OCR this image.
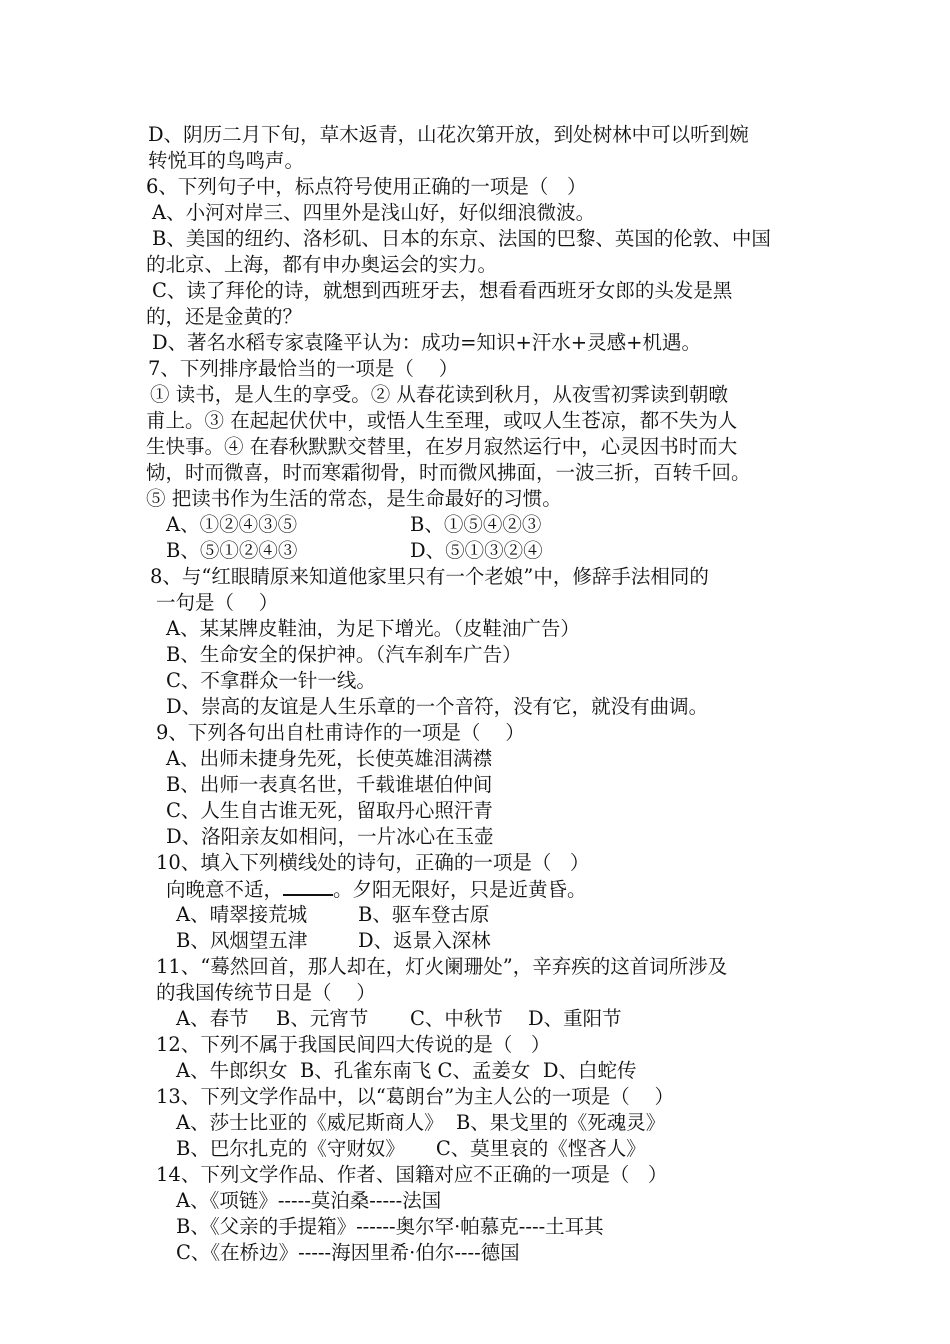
D、阴历二月下旬，草木返青，山花次第开放，到处树林中可以听到婉
转悦耳的鸟鸣声。
6、下列句子中，标点符号使用正确的一项是（   ）
A、小河对岸三、四里外是浅山好，好似细浪微波。
B、美国的纽约、洛杉矶、日本的东京、法国的巴黎、英国的伦敦、中国
的北京、上海，都有申办奥运会的实力。
C、读了拜伦的诗，就想到西班牙去，想看看西班牙女郎的头发是黑
的，还是金黄的？
D、著名水稻专家袁隆平认为：成功=知识+汗水+灵感+机遇。
7、下列排序最恰当的一项是（    ）
① 读书，是人生的享受。② 从春花读到秋月，从夜雪初霁读到朝暾
甫上。③ 在起起伏伏中，或悟人生至理，或叹人生苍凉，都不失为人
生快事。④ 在春秋默默交替里，在岁月寂然运行中，心灵因书时而大
恸，时而微喜，时而寒霜彻骨，时而微风拂面，一波三折，百转千回。
⑤ 把读书作为生活的常态，是生命最好的习惯。
A、①②④③⑤	B、①⑤④②③
B、⑤①②④③	D、⑤①③②④
8、与“红眼睛原来知道他家里只有一个老娘”中，修辞手法相同的
一句是（    ）
A、某某牌皮鞋油，为足下增光。（皮鞋油广告）
B、生命安全的保护神。（汽车刹车广告）
C、不拿群众一针一线。
D、崇高的友谊是人生乐章的一个音符，没有它，就没有曲调。
9、下列各句出自杜甫诗作的一项是（    ）
A、出师未捷身先死，长使英雄泪满襟
B、出师一表真名世，千载谁堪伯仲间
C、人生自古谁无死，留取丹心照汗青
D、洛阳亲友如相问，一片冰心在玉壶
10、填入下列横线处的诗句，正确的一项是（   ）
向晚意不适，	。夕阳无限好，只是近黄昏。
A、晴翠接荒城	B、驱车登古原
B、风烟望五津	D、返景入深林
11、“蓦然回首，那人却在，灯火阑珊处”，辛弃疾的这首词所涉及
的我国传统节日是（    ）
A、春节 B、元宵节 C、中秋节 D、重阳节
12、下列不属于我国民间四大传说的是（   ）
A、牛郎织女  B、孔雀东南飞 C、孟姜女  D、白蛇传
13、下列文学作品中，以“葛朗台”为主人公的一项是（    ）
A、莎士比亚的《威尼斯商人》  B、果戈里的《死魂灵》
B、巴尔扎克的《守财奴》     C、莫里哀的《悭吝人》
14、下列文学作品、作者、国籍对应不正确的一项是（   ）
A、《项链》-----莫泊桑-----法国
B、《父亲的手提箱》------奥尔罕·帕慕克----土耳其
C、《在桥边》-----海因里希·伯尔----德国
